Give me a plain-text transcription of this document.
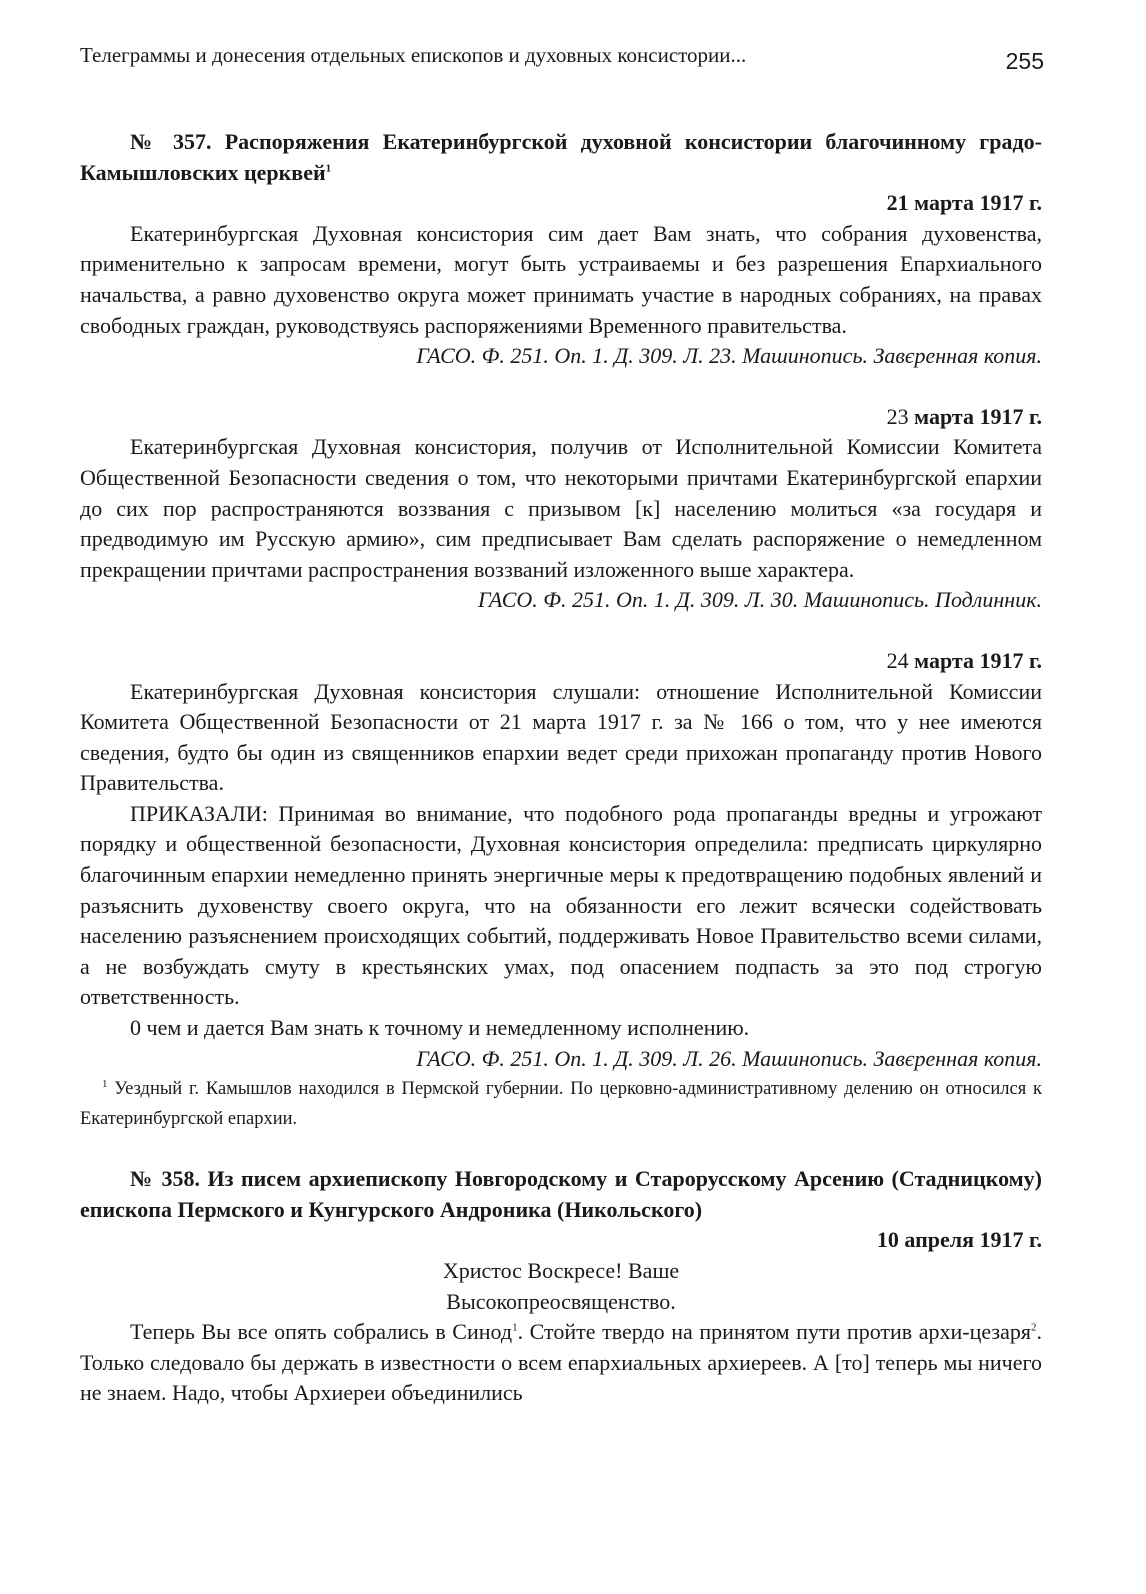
Телеграммы и донесения отдельных епископов и духовных консистории...	255
№ 357. Распоряжения Екатеринбургской духовной консистории благочинному градо-Камышловских церквей$^1$
21 марта 1917 г.

Екатеринбургская Духовная консистория сим дает Вам знать, что собрания духовенства, применительно к запросам времени, могут быть устраиваемы и без разрешения Епархиального начальства, а равно духовенство округа может принимать участие в народных собраниях, на правах свободных граждан, руководствуясь распоряжениями Временного правительства.

ГАСО. Ф. 251. Оп. 1. Д. 309. Л. 23. Машинопись. Завєренная копия.
23 марта 1917 г.

Екатеринбургская Духовная консистория, получив от Исполнительной Комиссии Комитета Общественной Безопасности сведения о том, что некоторыми причтами Екатеринбургской епархии до сих пор распространяются воззвания с призывом [к] населению молиться «за государя и предводимую им Русскую армию», сим предписывает Вам сделать распоряжение о немедленном прекращении причтами распространения воззваний изложенного выше характера.

ГАСО. Ф. 251. Оп. 1. Д. 309. Л. 30. Машинопись. Подлинник.
24 марта 1917 г.

Екатеринбургская Духовная консистория слушали: отношение Исполнительной Комиссии Комитета Общественной Безопасности от 21 марта 1917 г. за № 166 о том, что у нее имеются сведения, будто бы один из священников епархии ведет среди прихожан пропаганду против Нового Правительства.

ПРИКАЗАЛИ: Принимая во внимание, что подобного рода пропаганды вредны и угрожают порядку и общественной безопасности, Духовная консистория определила: предписать циркулярно благочинным епархии немедленно принять энергичные меры к предотвращению подобных явлений и разъяснить духовенству своего округа, что на обязанности его лежит всячески содействовать населению разъяснением происходящих событий, поддерживать Новое Правительство всеми силами, а не возбуждать смуту в крестьянских умах, под опасением подпасть за это под строгую ответственность.

0 чем и дается Вам знать к точному и немедленному исполнению.

ГАСО. Ф. 251. Оп. 1. Д. 309. Л. 26. Машинопись. Завєренная копия.

$^1$ Уездный г. Камышлов находился в Пермской губернии. По церковно-административному делению он относился к Екатеринбургской епархии.

№ 358. Из писем архиепископу Новгородскому и Старорусскому Арсению (Стадницкому) епископа Пермского и Кунгурского Андроника (Никольского)
10 апреля 1917 г.
Христос Воскресе! Ваше
Высокопреосвященство.

Теперь Вы все опять собрались в Синод$^1$. Стойте твердо на принятом пути против архи-цезаря$^2$. Только следовало бы держать в известности о всем епархиальных архиереев. А [то] теперь мы ничего не знаем. Надо, чтобы Архиереи объединились
